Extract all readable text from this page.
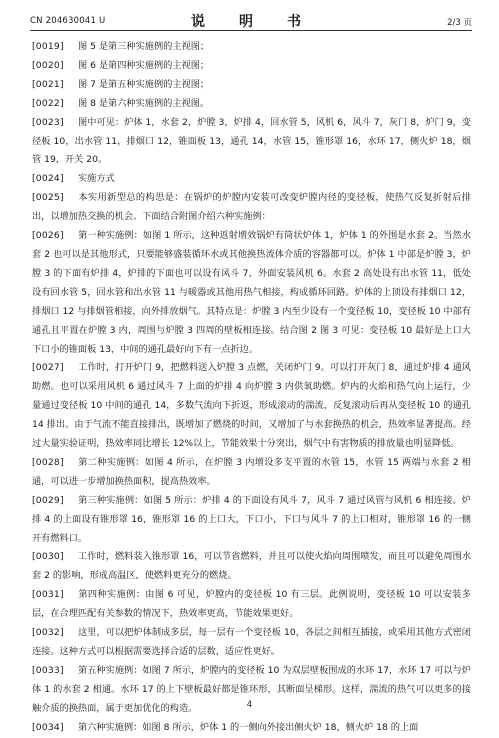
CN 204630041 U	说　明　书	2/3 页

[0019] 图 5 是第三种实施例的主视图；

[0020] 图 6 是第四种实施例的主视图；

[0021] 图 7 是第五种实施例的主视图；

[0022] 图 8 是第六种实施例的主视图。

[0023] 图中可见：炉体 1，水套 2，炉膛 3，炉排 4，回水管 5，风机 6，风斗 7，灰门 8，炉门 9，变径板 10，出水管 11，排烟口 12，锥面板 13，通孔 14，水管 15，锥形罩 16，水环 17，侧火炉 18，烟管 19，开关 20。

[0024] 实施方式

[0025] 本实用新型总的构思是：在锅炉的炉膛内安装可改变炉膛内径的变径板，使热气反复折射后排出，以增加热交换的机会。下面结合附图介绍六种实施例：

[0026] 第一种实施例：如图 1 所示，这种返射增效锅炉有筒状炉体 1，炉体 1 的外围是水套 2。当然水套 2 也可以是其他形式，只要能够盛装循环水或其他换热流体介质的容器都可以。炉体 1 中部是炉膛 3，炉膛 3 的下面有炉排 4，炉排的下面也可以设有风斗 7，外面安装风机 6。水套 2 高处设有出水管 11，低处设有回水管 5，回水管和出水管 11 与暖器或其他用热气相接，构成循环回路。炉体的上顶设有排烟口 12，排烟口 12 与排烟管相接，向外排放烟气。其特点是：炉膛 3 内至少设有一个变径板 10，变径板 10 中部有通孔且平置在炉膛 3 内，周围与炉膛 3 四周的壁板相连接。结合图 2 图 3 可见：变径板 10 最好是上口大下口小的锥面板 13，中间的通孔最好向下有一点折边。

[0027] 工作时，打开炉门 9，把燃料送入炉膛 3 点燃，关闭炉门 9。可以打开灰门 8，通过炉排 4 通风助燃。也可以采用风机 6 通过风斗 7 上面的炉排 4 向炉膛 3 内供氧助燃。炉内的火焰和热气向上运行，少量通过变径板 10 中间的通孔 14，多数气流向下折返，形成滚动的湍流，反复滚动后再从变径板 10 的通孔 14 排出。由于气流不能直接排出，既增加了燃烧的时间，又增加了与水套换热的机会，热效率显著提高。经过大量实验证明，热效率同比增长 12%以上，节能效果十分突出，烟气中有害物质的排放量也明显降低。

[0028] 第二种实施例：如图 4 所示，在炉膛 3 内增设多支平置的水管 15，水管 15 两端与水套 2 相通，可以进一步增加换热面积，提高热效率。

[0029] 第三种实施例：如图 5 所示：炉排 4 的下面设有风斗 7，风斗 7 通过风管与风机 6 相连接。炉排 4 的上面设有锥形罩 16，锥形罩 16 的上口大，下口小，下口与风斗 7 的上口相对，锥形罩 16 的一侧开有燃料口。

[0030] 工作时，燃料装入锥形罩 16，可以节省燃料，并且可以使火焰向周围喷发，而且可以避免周围水套 2 的影响，形成高温区，使燃料更充分的燃烧。

[0031] 第四种实施例：由图 6 可见，炉膛内的变径板 10 有三层。此例说明，变径板 10 可以安装多层，在合理匹配有关参数的情况下，热效率更高，节能效果更好。

[0032] 这里，可以把炉体制成多层，每一层有一个变径板 10，各层之间相互插接，或采用其他方式密闭连接。这种方式可以根据需要选择合适的层数，适应性更好。

[0033] 第五种实施例：如图 7 所示，炉膛内的变径板 10 为双层壁板围成的水环 17，水环 17 可以与炉体 1 的水套 2 相通。水环 17 的上下壁板最好都是锥环形，其断面呈梯形。这样，湍流的热气可以更多的接触介质的换热面，属于更加优化的构造。

[0034] 第六种实施例：如图 8 所示，炉体 1 的一侧向外接出侧火炉 18，侧火炉 18 的上面

4
